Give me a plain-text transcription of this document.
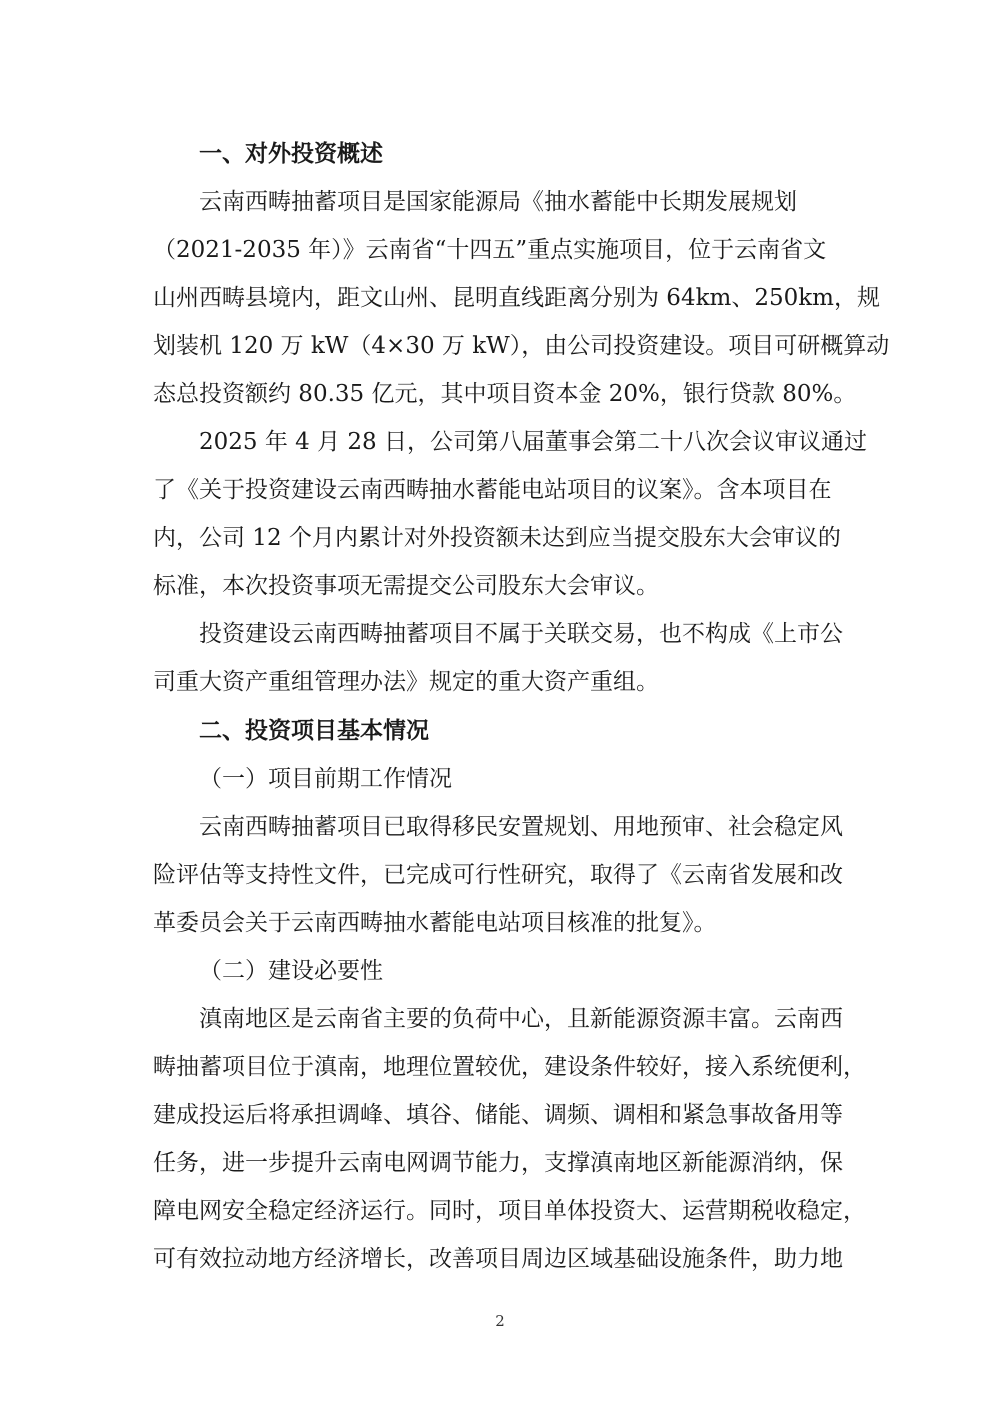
一、对外投资概述
云南西畴抽蓄项目是国家能源局《抽水蓄能中长期发展规划
（2021-2035 年）》云南省“十四五”重点实施项目，位于云南省文
山州西畴县境内，距文山州、昆明直线距离分别为 64km、250km，规
划装机 120 万 kW（4×30 万 kW），由公司投资建设。项目可研概算动
态总投资额约 80.35 亿元，其中项目资本金 20%，银行贷款 80%。
2025 年 4 月 28 日，公司第八届董事会第二十八次会议审议通过
了《关于投资建设云南西畴抽水蓄能电站项目的议案》。含本项目在
内，公司 12 个月内累计对外投资额未达到应当提交股东大会审议的
标准，本次投资事项无需提交公司股东大会审议。
投资建设云南西畴抽蓄项目不属于关联交易，也不构成《上市公
司重大资产重组管理办法》规定的重大资产重组。
二、投资项目基本情况
（一）项目前期工作情况
云南西畴抽蓄项目已取得移民安置规划、用地预审、社会稳定风
险评估等支持性文件，已完成可行性研究，取得了《云南省发展和改
革委员会关于云南西畴抽水蓄能电站项目核准的批复》。
（二）建设必要性
滇南地区是云南省主要的负荷中心，且新能源资源丰富。云南西
畴抽蓄项目位于滇南，地理位置较优，建设条件较好，接入系统便利，
建成投运后将承担调峰、填谷、储能、调频、调相和紧急事故备用等
任务，进一步提升云南电网调节能力，支撑滇南地区新能源消纳，保
障电网安全稳定经济运行。同时，项目单体投资大、运营期税收稳定，
可有效拉动地方经济增长，改善项目周边区域基础设施条件，助力地
2
